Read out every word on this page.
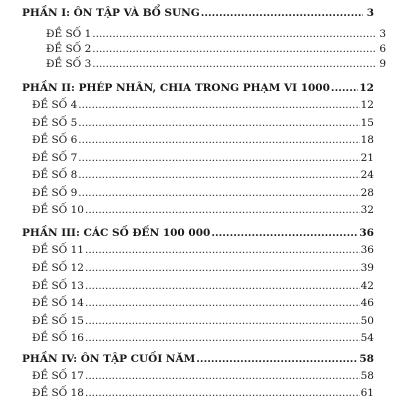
PHẦN I: ÔN TẬP VÀ BỔ SUNG .....	3
ĐỀ SỐ 1 .....	3
ĐỀ SỐ 2 .....	6
ĐỀ SỐ 3 .....	9
PHẦN II: PHÉP NHÂN, CHIA TRONG PHẠM VI 1000 .....	12
ĐỀ SỐ 4 .....	12
ĐỀ SỐ 5 .....	15
ĐỀ SỐ 6 .....	18
ĐỀ SỐ 7 .....	21
ĐỀ SỐ 8 .....	24
ĐỀ SỐ 9 .....	28
ĐỀ SỐ 10 .....	32
PHẦN III: CÁC SỐ ĐẾN 100 000 .....	36
ĐỀ SỐ 11 .....	36
ĐỀ SỐ 12 .....	39
ĐỀ SỐ 13 .....	42
ĐỀ SỐ 14 .....	46
ĐỀ SỐ 15 .....	50
ĐỀ SỐ 16 .....	54
PHẦN IV: ÔN TẬP CUỐI NĂM .....	58
ĐỀ SỐ 17 .....	58
ĐỀ SỐ 18 .....	61
